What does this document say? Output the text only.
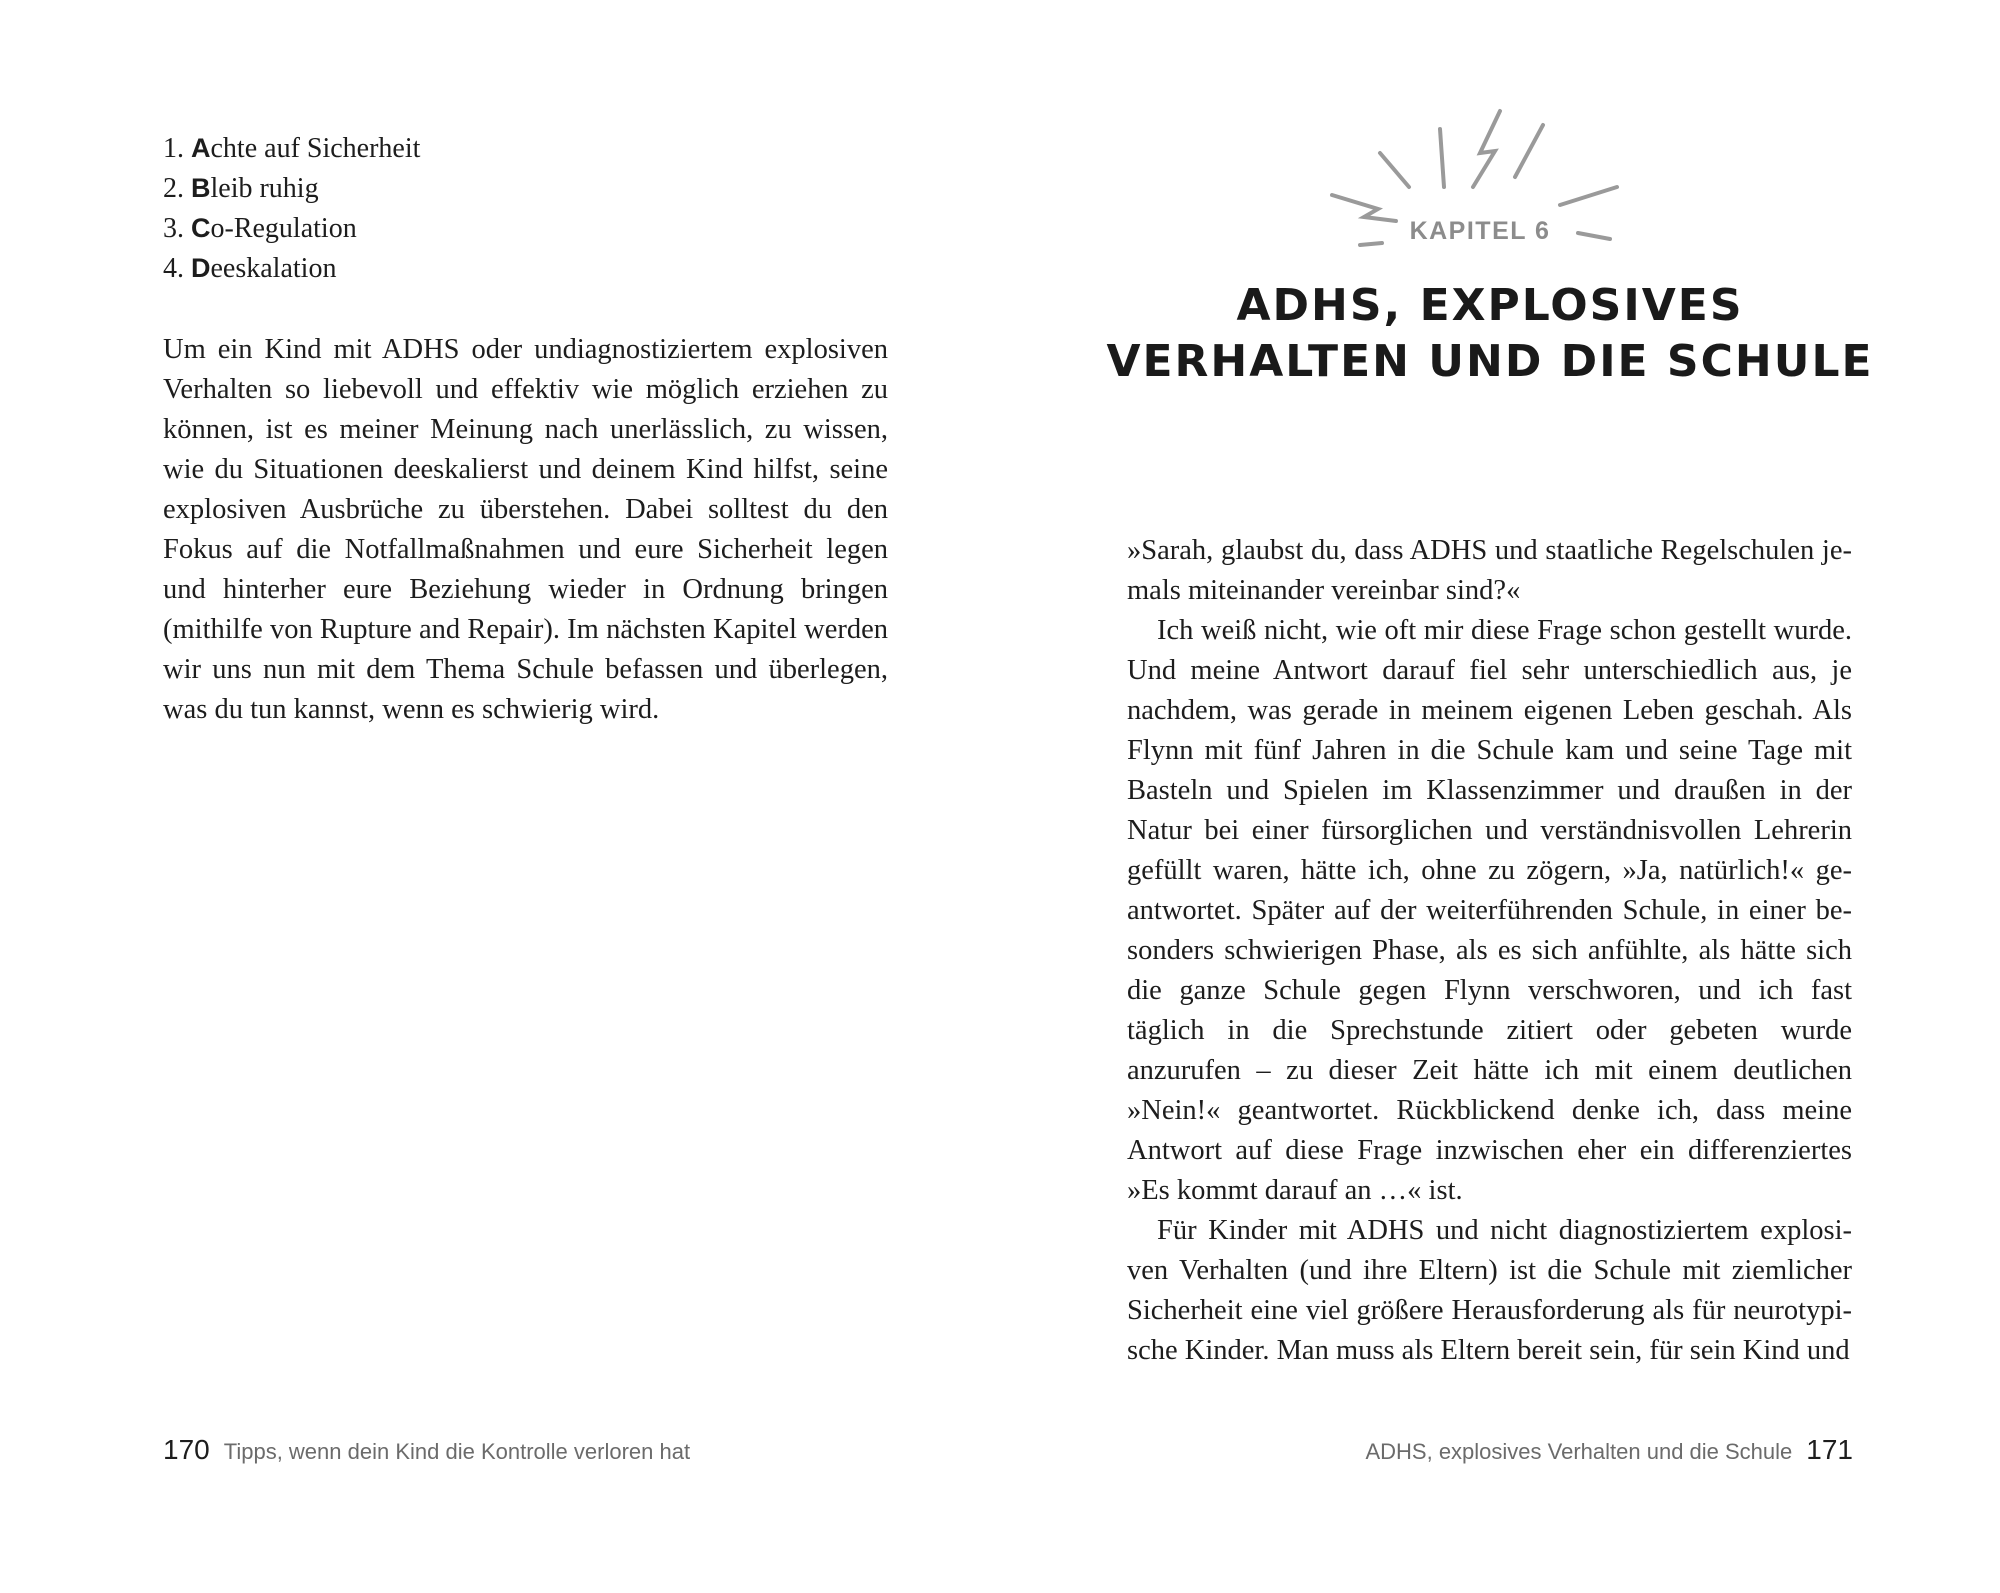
1. Achte auf Sicherheit
2. Bleib ruhig
3. Co-Regulation
4. Deeskalation

Um ein Kind mit ADHS oder undiagnostiziertem explosiven Verhalten so liebevoll und effektiv wie möglich erziehen zu können, ist es meiner Meinung nach unerlässlich, zu wissen, wie du Situationen deeskalierst und deinem Kind hilfst, seine explosiven Ausbrüche zu überstehen. Dabei solltest du den Fokus auf die Notfallmaßnahmen und eure Sicherheit legen und hinterher eure Beziehung wieder in Ordnung bringen (mithilfe von Rupture and Repair). Im nächsten Kapitel werden wir uns nun mit dem Thema Schule befassen und überlegen, was du tun kannst, wenn es schwierig wird.

170 Tipps, wenn dein Kind die Kontrolle verloren hat
KAPITEL 6
ADHS, EXPLOSIVES
VERHALTEN UND DIE SCHULE

»Sarah, glaubst du, dass ADHS und staatliche Regelschulen jemals miteinander vereinbar sind?«

Ich weiß nicht, wie oft mir diese Frage schon gestellt wurde. Und meine Antwort darauf fiel sehr unterschiedlich aus, je nachdem, was gerade in meinem eigenen Leben geschah. Als Flynn mit fünf Jahren in die Schule kam und seine Tage mit Basteln und Spielen im Klassenzimmer und draußen in der Natur bei einer fürsorglichen und verständnisvollen Lehrerin gefüllt waren, hätte ich, ohne zu zögern, »Ja, natürlich!« geantwortet. Später auf der weiterführenden Schule, in einer besonders schwierigen Phase, als es sich anfühlte, als hätte sich die ganze Schule gegen Flynn verschworen, und ich fast täglich in die Sprechstunde zitiert oder gebeten wurde anzurufen – zu dieser Zeit hätte ich mit einem deutlichen »Nein!« geantwortet. Rückblickend denke ich, dass meine Antwort auf diese Frage inzwischen eher ein differenziertes »Es kommt darauf an …« ist.

Für Kinder mit ADHS und nicht diagnostiziertem explosiven Verhalten (und ihre Eltern) ist die Schule mit ziemlicher Sicherheit eine viel größere Herausforderung als für neurotypische Kinder. Man muss als Eltern bereit sein, für sein Kind und

ADHS, explosives Verhalten und die Schule 171
